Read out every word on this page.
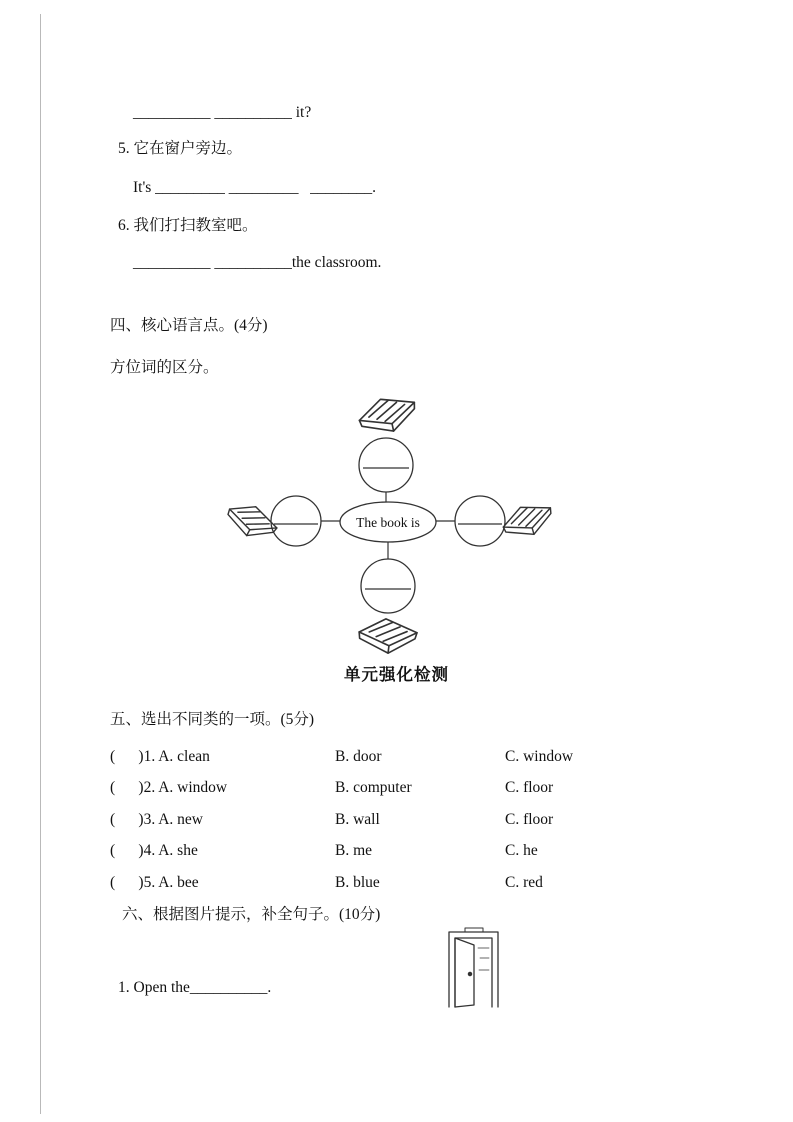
__________ __________ it?
5. 它在窗户旁边。
It's _________ _________   ________.
6. 我们打扫教室吧。
__________ __________the classroom.
四、核心语言点。(4分)
方位词的区分。
The book is
单元强化检测
五、选出不同类的一项。(5分)
(      )1. A. clean	B. door	C. window
(      )2. A. window	B. computer	C. floor
(      )3. A. new	B. wall	C. floor
(      )4. A. she	B. me	C. he
(      )5. A. bee	B. blue	C. red
六、根据图片提示，补全句子。(10分)
1. Open the__________.
